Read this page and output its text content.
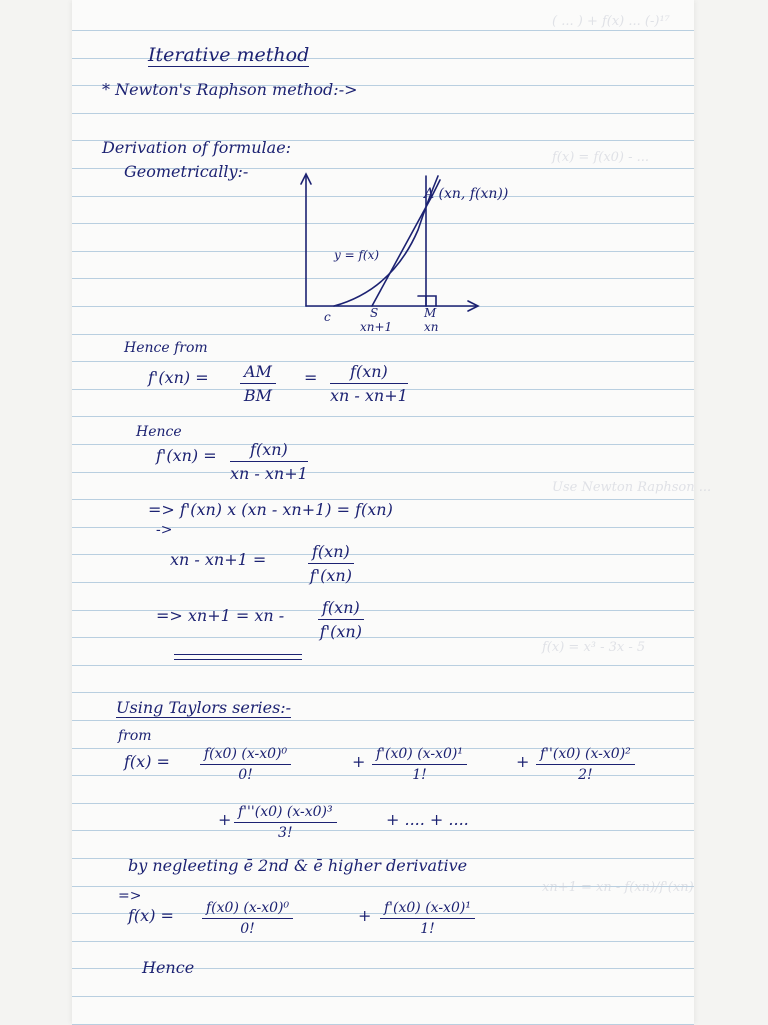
( ... ) + f(x) ... (-)¹⁷
f(x) = f(x0) - ...
Use Newton Raphson ...
f(x) = x³ - 3x - 5
xn+1 = xn - f(xn)/f'(xn)
Iterative method
* Newton's Raphson method:->
Derivation of formulae:
Geometrically:-
A (xn, f(xn))
y = f(x)
c	S
xn+1
M
xn
Hence from
$f'(xn) = \frac{AM}{BM} = \frac{f(xn)}{xn - xn+1}$
Hence
$f'(xn) = \frac{f(xn)}{xn - xn+1}$
=> f'(xn) x (xn - xn+1) = f(xn)
->
xn - xn+1 =	$\frac{f(xn)}{f'(xn)}$
=> xn+1 = xn - $\frac{f(xn)}{f'(xn)}$
Using Taylors series:-
from
$f(x) = \frac{\text{f(x0) (x-x0)⁰}}{0!}$	+ $\frac{\text{f'(x0) (x-x0)¹}}{1!}$	+ $\frac{\text{f''(x0) (x-x0)²}}{2!}$
+ $\frac{\text{f'''(x0) (x-x0)³}}{3!}$	+ .... + ....
by negleeting ē 2nd & ē higher derivative
=>
$f(x) = \frac{\text{f(x0) (x-x0)⁰}}{0!}$	+ $\frac{\text{f'(x0) (x-x0)¹}}{1!}$
Hence
